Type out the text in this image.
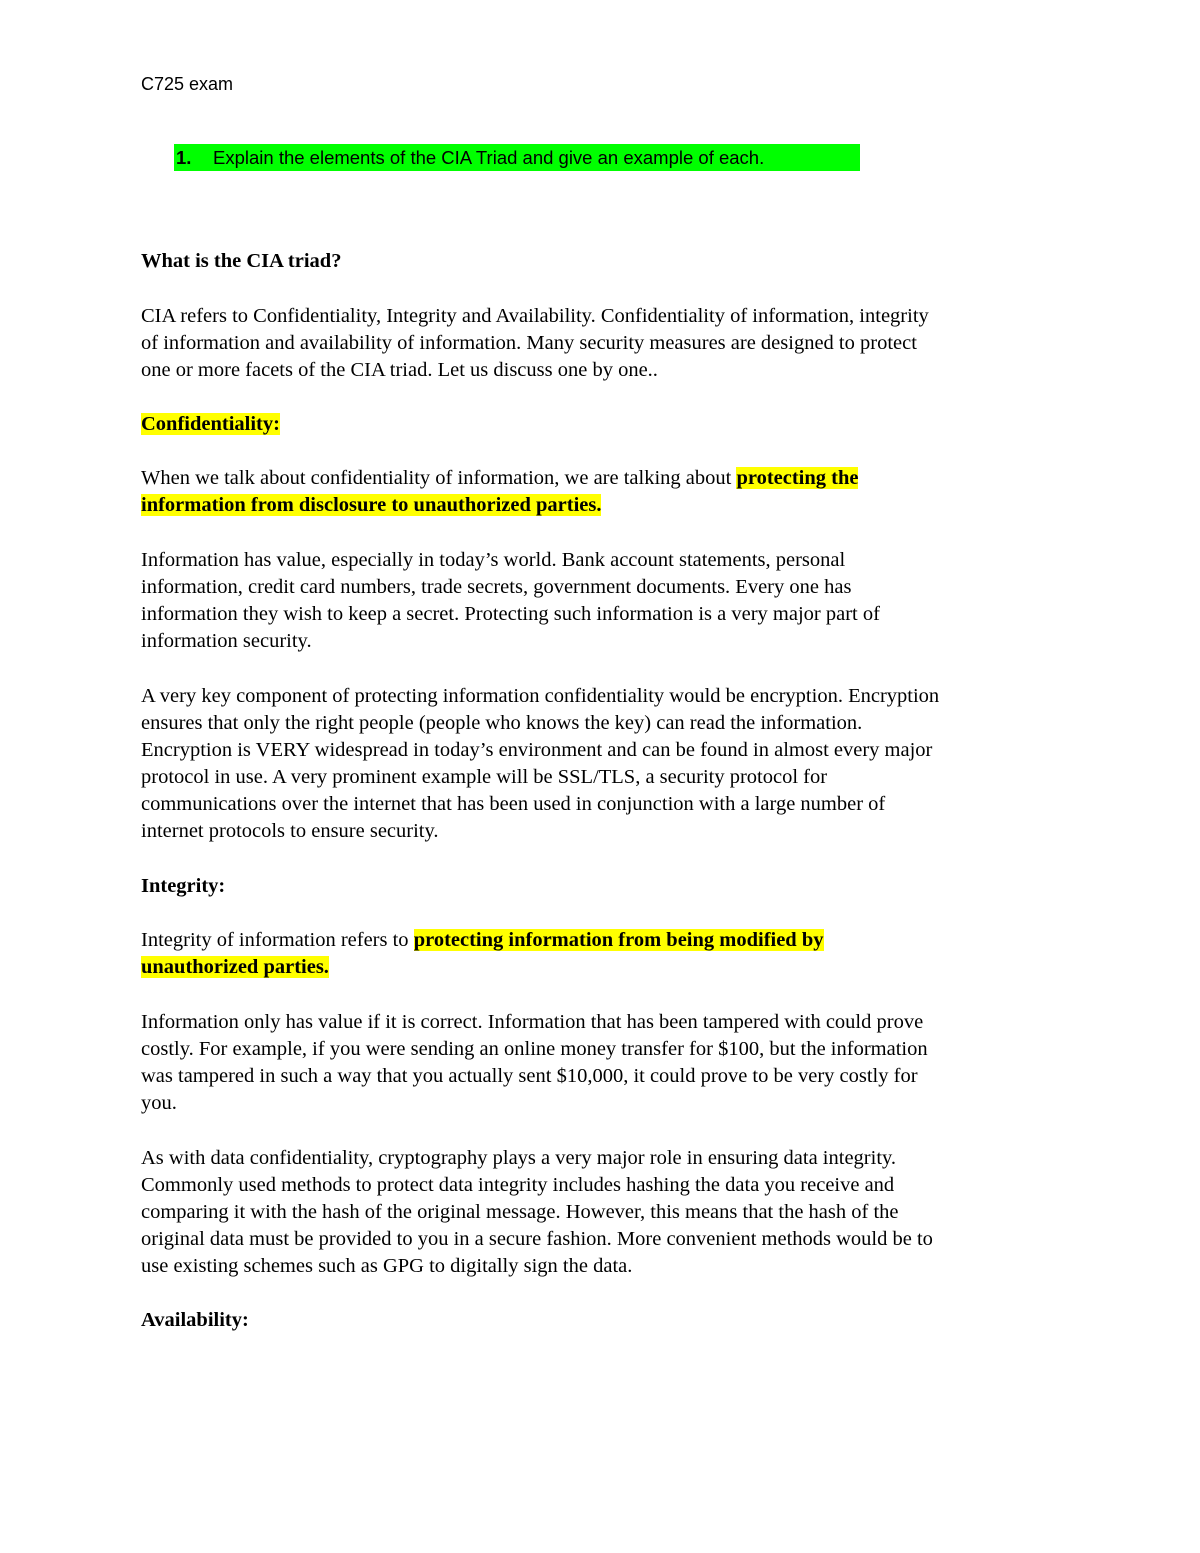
C725 exam
1. Explain the elements of the CIA Triad and give an example of each.
What is the CIA triad?
CIA refers to Confidentiality, Integrity and Availability. Confidentiality of information, integrity
of information and availability of information. Many security measures are designed to protect
one or more facets of the CIA triad. Let us discuss one by one..
Confidentiality:
When we talk about confidentiality of information, we are talking about protecting the
information from disclosure to unauthorized parties.
Information has value, especially in today’s world. Bank account statements, personal
information, credit card numbers, trade secrets, government documents. Every one has
information they wish to keep a secret. Protecting such information is a very major part of
information security.
A very key component of protecting information confidentiality would be encryption. Encryption
ensures that only the right people (people who knows the key) can read the information.
Encryption is VERY widespread in today’s environment and can be found in almost every major
protocol in use. A very prominent example will be SSL/TLS, a security protocol for
communications over the internet that has been used in conjunction with a large number of
internet protocols to ensure security.
Integrity:
Integrity of information refers to protecting information from being modified by
unauthorized parties.
Information only has value if it is correct. Information that has been tampered with could prove
costly. For example, if you were sending an online money transfer for $100, but the information
was tampered in such a way that you actually sent $10,000, it could prove to be very costly for
you.
As with data confidentiality, cryptography plays a very major role in ensuring data integrity.
Commonly used methods to protect data integrity includes hashing the data you receive and
comparing it with the hash of the original message. However, this means that the hash of the
original data must be provided to you in a secure fashion. More convenient methods would be to
use existing schemes such as GPG to digitally sign the data.
Availability:
